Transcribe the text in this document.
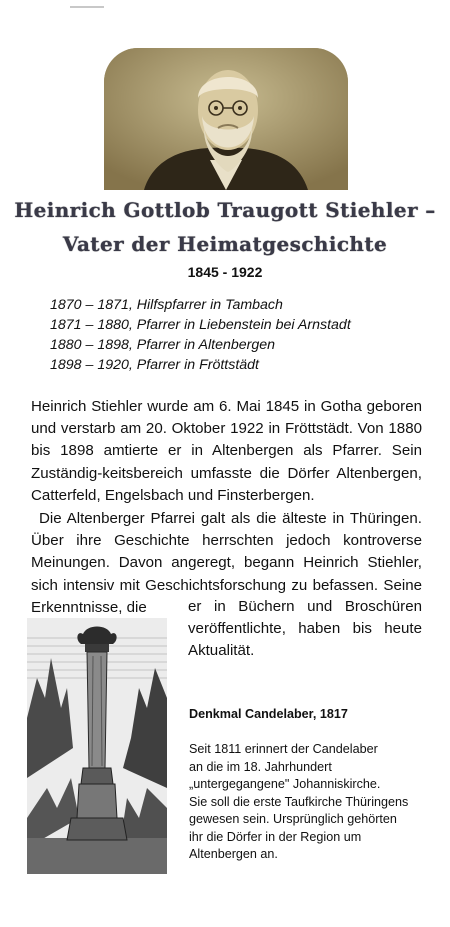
Heinrich Gottlob Traugott Stiehler –
Vater der Heimatgeschichte

1845 - 1922

1870 – 1871, Hilfspfarrer in Tambach
1871 – 1880, Pfarrer in Liebenstein bei Arnstadt
1880 – 1898, Pfarrer in Altenbergen
1898 – 1920, Pfarrer in Fröttstädt

Heinrich Stiehler wurde am 6. Mai 1845 in Gotha geboren und verstarb am 20. Oktober 1922 in Fröttstädt. Von 1880 bis 1898 amtierte er in Altenbergen als Pfarrer. Sein Zuständig-keitsbereich umfasste die Dörfer Altenbergen, Catterfeld, Engelsbach und Finsterbergen.

Die Altenberger Pfarrei galt als die älteste in Thüringen. Über ihre Geschichte herrschten jedoch kontroverse Meinungen. Davon angeregt, begann Heinrich Stiehler, sich intensiv mit Geschichtsforschung zu befassen. Seine Erkenntnisse, die	er in Büchern und Broschüren veröffentlichte, haben bis heute Aktualität.

Denkmal Candelaber, 1817

Seit 1811 erinnert der Candelaber
an die im 18. Jahrhundert
„untergegangene" Johanniskirche.
Sie soll die erste Taufkirche Thüringens
gewesen sein. Ursprünglich gehörten
ihr die Dörfer in der Region um
Altenbergen an.
